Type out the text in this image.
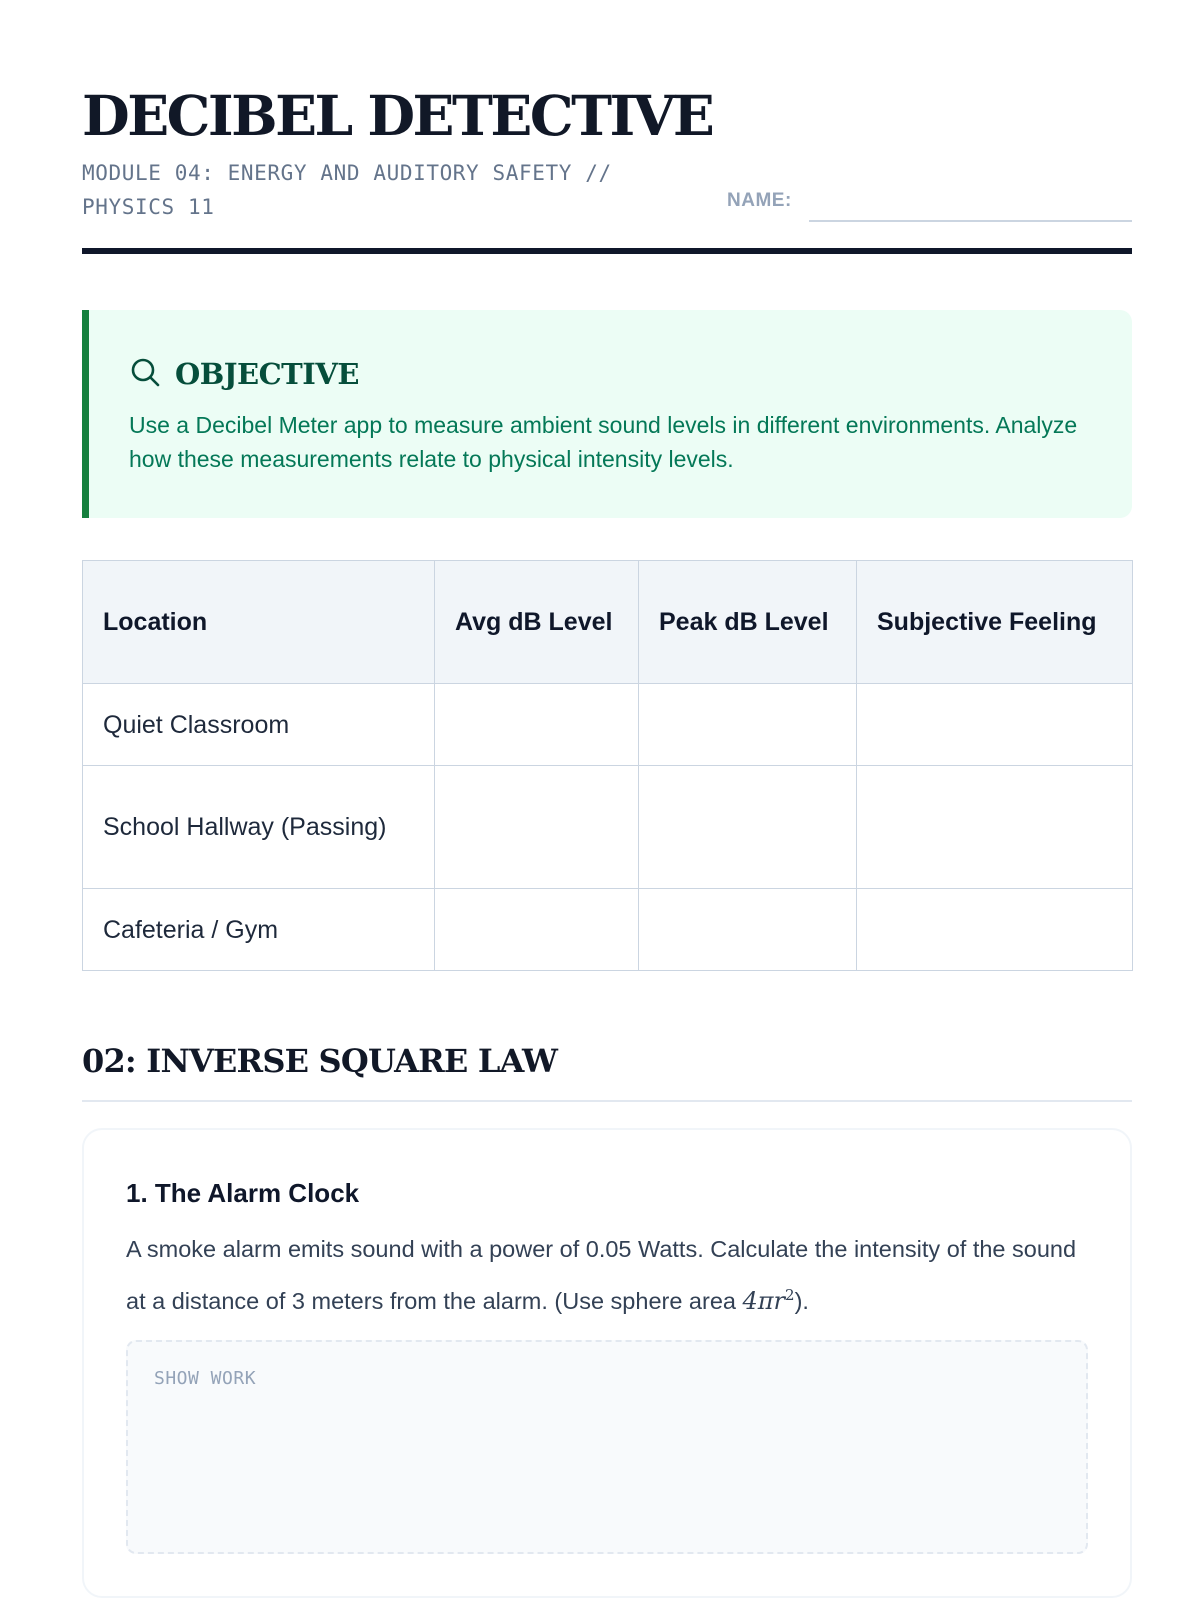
DECIBEL DETECTIVE
MODULE 04: ENERGY AND AUDITORY SAFETY // PHYSICS 11	NAME:
OBJECTIVE

Use a Decibel Meter app to measure ambient sound levels in different environments. Analyze how these measurements relate to physical intensity levels.

Location	Avg dB Level	Peak dB Level	Subjective Feeling
Quiet Classroom			
School Hallway (Passing)			
Cafeteria / Gym			
02: INVERSE SQUARE LAW
1. The Alarm Clock

A smoke alarm emits sound with a power of 0.05 Watts. Calculate the intensity of the sound at a distance of 3 meters from the alarm. (Use sphere area $4\pi r^2$).

SHOW WORK
